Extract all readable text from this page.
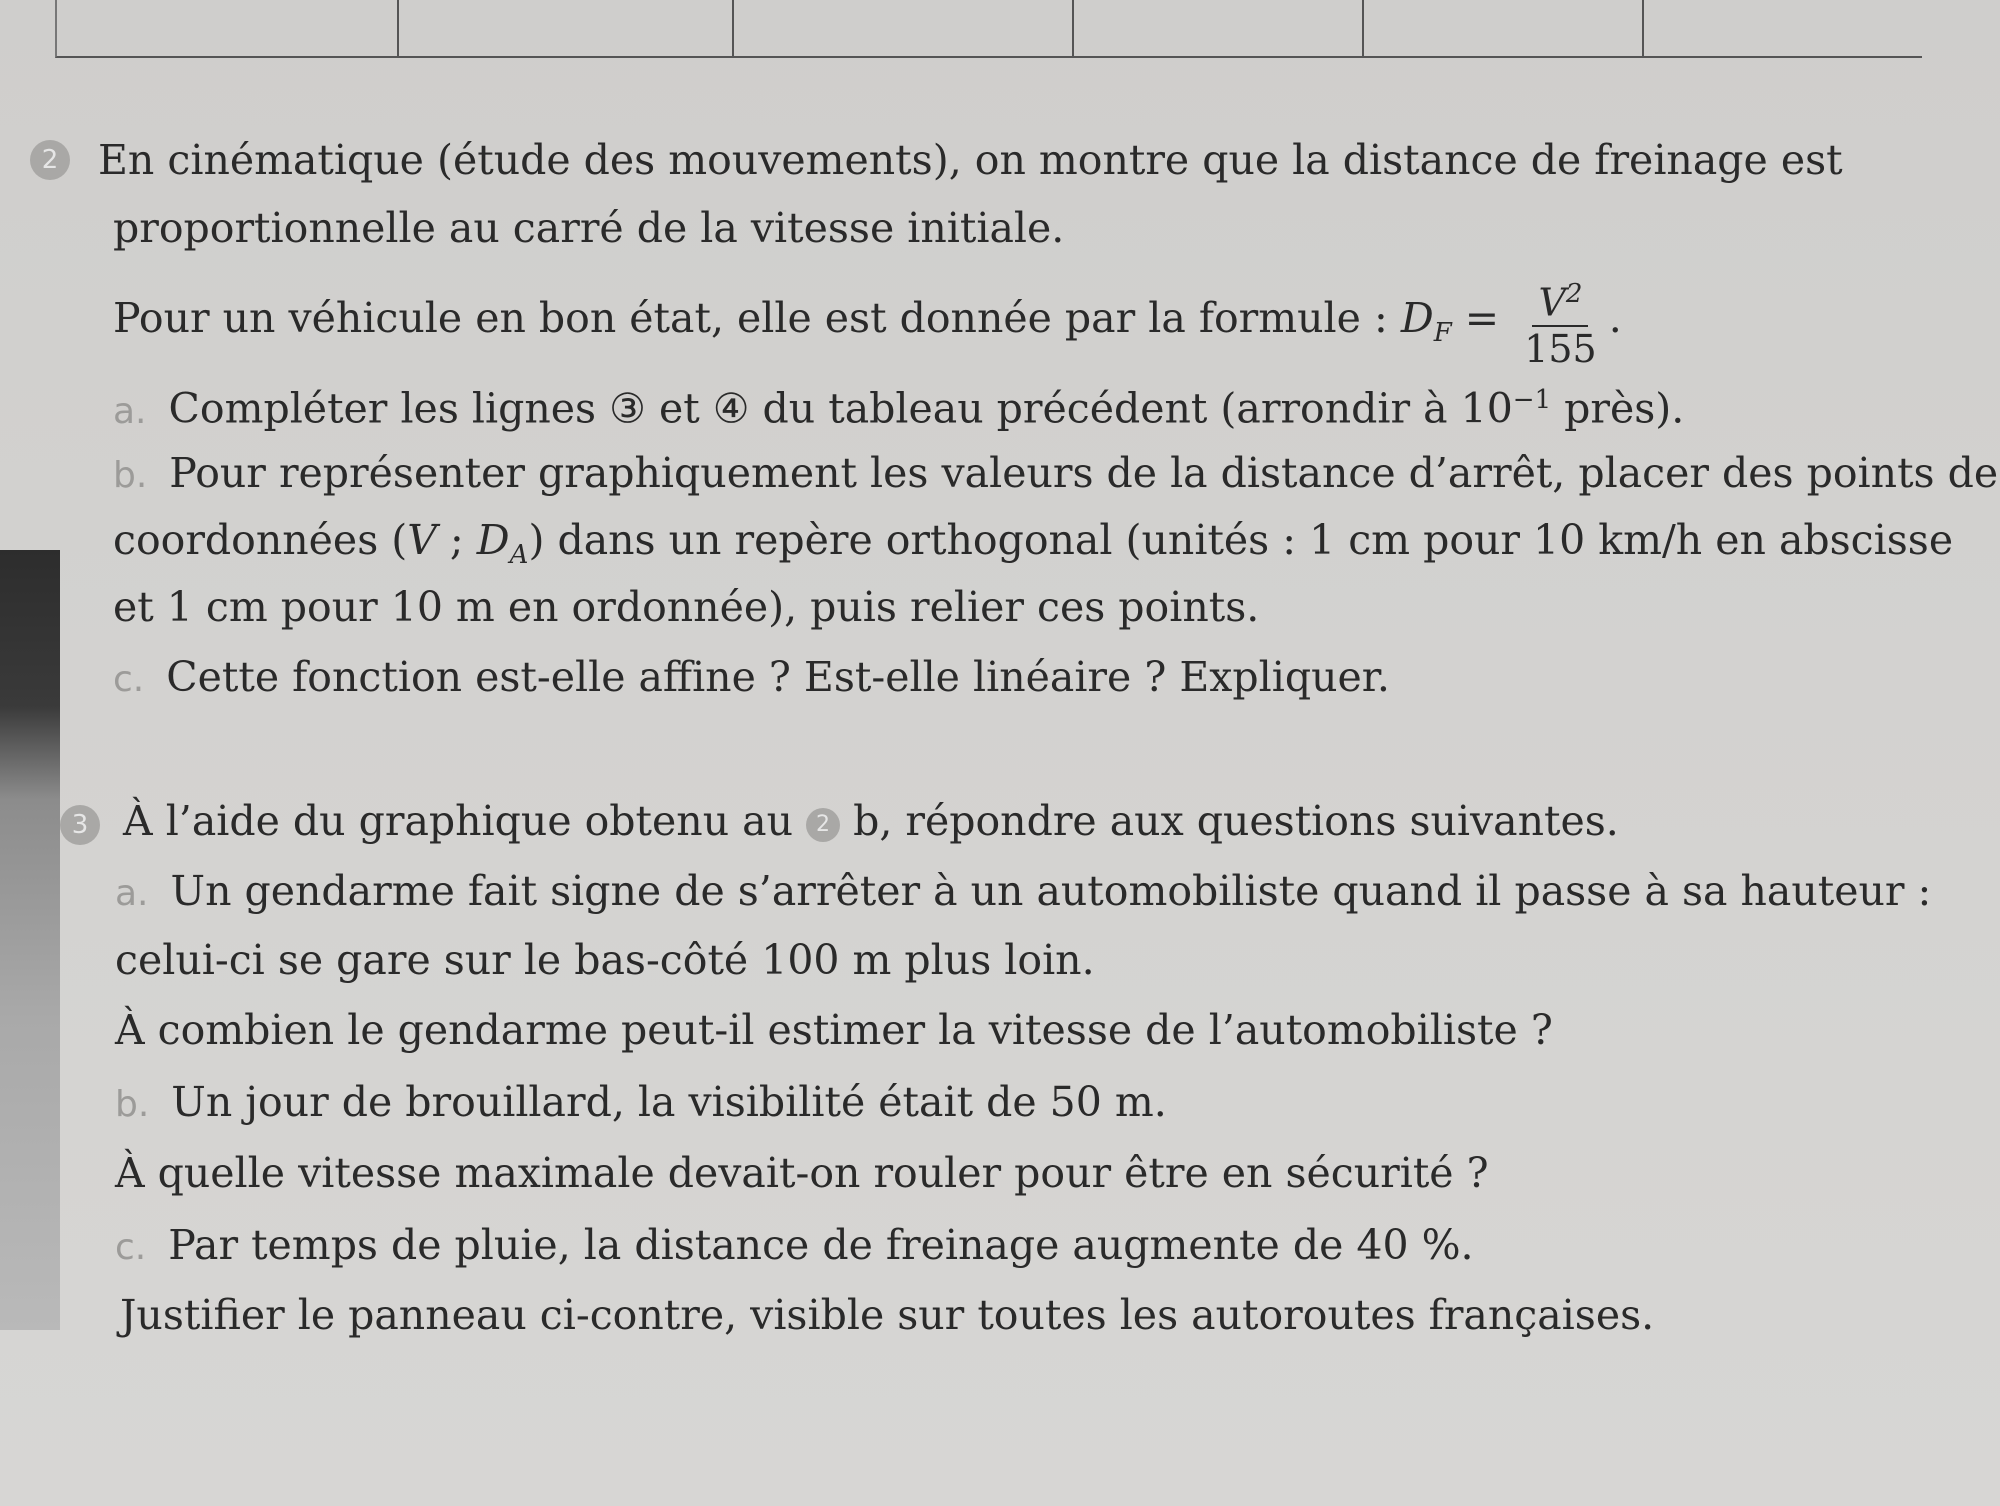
2 En cinématique (étude des mouvements), on montre que la distance de freinage est
proportionnelle au carré de la vitesse initiale.
Pour un véhicule en bon état, elle est donnée par la formule : $D_F = \frac{V^2}{155}$ .
a. Compléter les lignes ③ et ④ du tableau précédent (arrondir à $10^{-1}$ près).
b. Pour représenter graphiquement les valeurs de la distance d’arrêt, placer des points de
coordonnées (V ; $D_A$) dans un repère orthogonal (unités : 1 cm pour 10 km/h en abscisse
et 1 cm pour 10 m en ordonnée), puis relier ces points.
c. Cette fonction est-elle affine ? Est-elle linéaire ? Expliquer.
3 À l’aide du graphique obtenu au 2 b, répondre aux questions suivantes.
a. Un gendarme fait signe de s’arrêter à un automobiliste quand il passe à sa hauteur :
celui-ci se gare sur le bas-côté 100 m plus loin.
À combien le gendarme peut-il estimer la vitesse de l’automobiliste ?
b. Un jour de brouillard, la visibilité était de 50 m.
À quelle vitesse maximale devait-on rouler pour être en sécurité ?
c. Par temps de pluie, la distance de freinage augmente de 40 %.
Justifier le panneau ci-contre, visible sur toutes les autoroutes françaises.
